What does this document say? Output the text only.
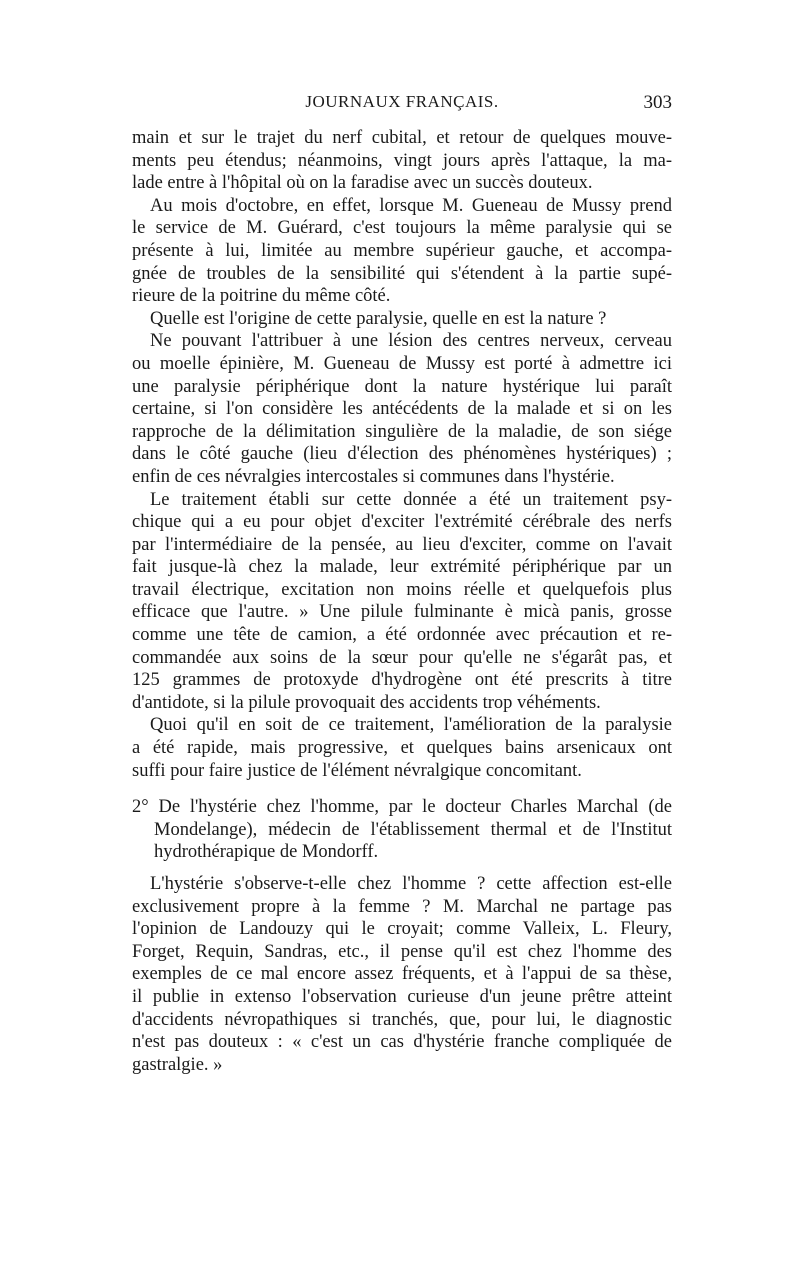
JOURNAUX FRANÇAIS.	303
main et sur le trajet du nerf cubital, et retour de quelques mouve-
ments peu étendus; néanmoins, vingt jours après l'attaque, la ma-
lade entre à l'hôpital où on la faradise avec un succès douteux.
Au mois d'octobre, en effet, lorsque M. Gueneau de Mussy prend
le service de M. Guérard, c'est toujours la même paralysie qui se
présente à lui, limitée au membre supérieur gauche, et accompa-
gnée de troubles de la sensibilité qui s'étendent à la partie supé-
rieure de la poitrine du même côté.
Quelle est l'origine de cette paralysie, quelle en est la nature ?
Ne pouvant l'attribuer à une lésion des centres nerveux, cerveau
ou moelle épinière, M. Gueneau de Mussy est porté à admettre ici
une paralysie périphérique dont la nature hystérique lui paraît
certaine, si l'on considère les antécédents de la malade et si on les
rapproche de la délimitation singulière de la maladie, de son siége
dans le côté gauche (lieu d'élection des phénomènes hystériques) ;
enfin de ces névralgies intercostales si communes dans l'hystérie.
Le traitement établi sur cette donnée a été un traitement psy-
chique qui a eu pour objet d'exciter l'extrémité cérébrale des nerfs
par l'intermédiaire de la pensée, au lieu d'exciter, comme on l'avait
fait jusque-là chez la malade, leur extrémité périphérique par un
travail électrique, excitation non moins réelle et quelquefois plus
efficace que l'autre. » Une pilule fulminante è micà panis, grosse
comme une tête de camion, a été ordonnée avec précaution et re-
commandée aux soins de la sœur pour qu'elle ne s'égarât pas, et
125 grammes de protoxyde d'hydrogène ont été prescrits à titre
d'antidote, si la pilule provoquait des accidents trop véhéments.
Quoi qu'il en soit de ce traitement, l'amélioration de la paralysie
a été rapide, mais progressive, et quelques bains arsenicaux ont
suffi pour faire justice de l'élément névralgique concomitant.
2° De l'hystérie chez l'homme, par le docteur Charles Marchal (de
Mondelange), médecin de l'établissement thermal et de l'Institut
hydrothérapique de Mondorff.
L'hystérie s'observe-t-elle chez l'homme ? cette affection est-elle
exclusivement propre à la femme ? M. Marchal ne partage pas
l'opinion de Landouzy qui le croyait; comme Valleix, L. Fleury,
Forget, Requin, Sandras, etc., il pense qu'il est chez l'homme des
exemples de ce mal encore assez fréquents, et à l'appui de sa thèse,
il publie in extenso l'observation curieuse d'un jeune prêtre atteint
d'accidents névropathiques si tranchés, que, pour lui, le diagnostic
n'est pas douteux : « c'est un cas d'hystérie franche compliquée de
gastralgie. »
